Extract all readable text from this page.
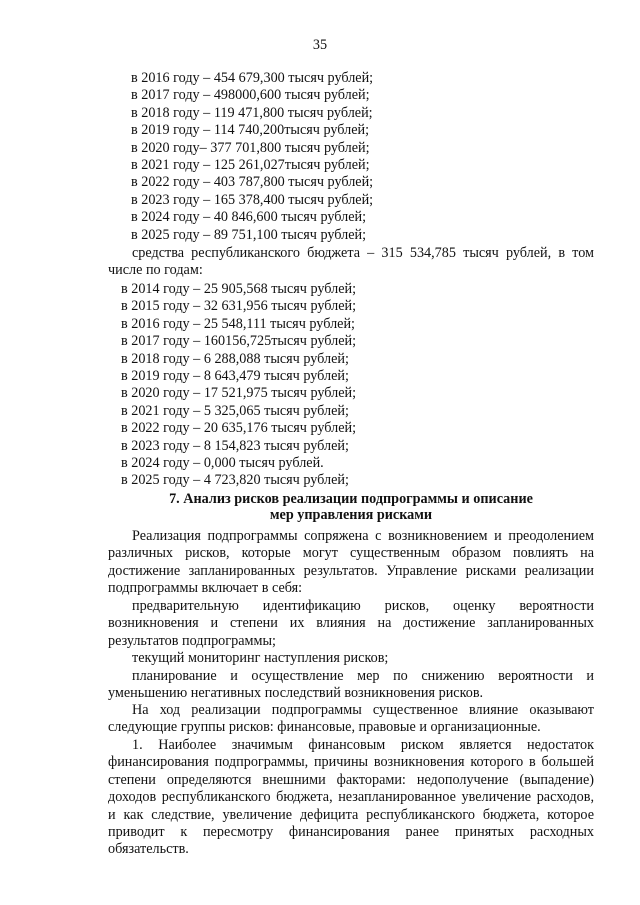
35
в 2016 году – 454 679,300 тысяч рублей;
в 2017 году – 498000,600 тысяч рублей;
в 2018 году – 119 471,800 тысяч рублей;
в 2019 году – 114 740,200тысяч рублей;
в 2020 году– 377 701,800 тысяч рублей;
в 2021 году – 125 261,027тысяч рублей;
в 2022 году – 403 787,800 тысяч рублей;
в 2023 году – 165 378,400 тысяч рублей;
в 2024 году – 40 846,600 тысяч рублей;
в 2025 году – 89 751,100 тысяч рублей;
средства республиканского бюджета – 315 534,785 тысяч рублей, в том числе по годам:
в 2014 году – 25 905,568 тысяч рублей;
в 2015 году – 32 631,956 тысяч рублей;
в 2016 году – 25 548,111 тысяч рублей;
в 2017 году – 160156,725тысяч рублей;
в 2018 году – 6 288,088 тысяч рублей;
в 2019 году – 8 643,479 тысяч рублей;
в 2020 году – 17 521,975 тысяч рублей;
в 2021 году – 5 325,065 тысяч рублей;
в 2022 году – 20 635,176 тысяч рублей;
в 2023 году – 8 154,823 тысяч рублей;
в 2024 году – 0,000 тысяч рублей.
в 2025 году – 4 723,820 тысяч рублей;
7. Анализ рисков реализации подпрограммы и описание
мер управления рисками
Реализация подпрограммы сопряжена с возникновением и преодолением различных рисков, которые могут существенным образом повлиять на достижение запланированных результатов. Управление рисками реализации подпрограммы включает в себя:
предварительную идентификацию рисков, оценку вероятности возникновения и степени их влияния на достижение запланированных результатов подпрограммы;
текущий мониторинг наступления рисков;
планирование и осуществление мер по снижению вероятности и уменьшению негативных последствий возникновения рисков.
На ход реализации подпрограммы существенное влияние оказывают следующие группы рисков: финансовые, правовые и организационные.
1. Наиболее значимым финансовым риском является недостаток финансирования подпрограммы, причины возникновения которого в большей степени определяются внешними факторами: недополучение (выпадение) доходов республиканского бюджета, незапланированное увеличение расходов, и как следствие, увеличение дефицита республиканского бюджета, которое приводит к пересмотру финансирования ранее принятых расходных обязательств.
